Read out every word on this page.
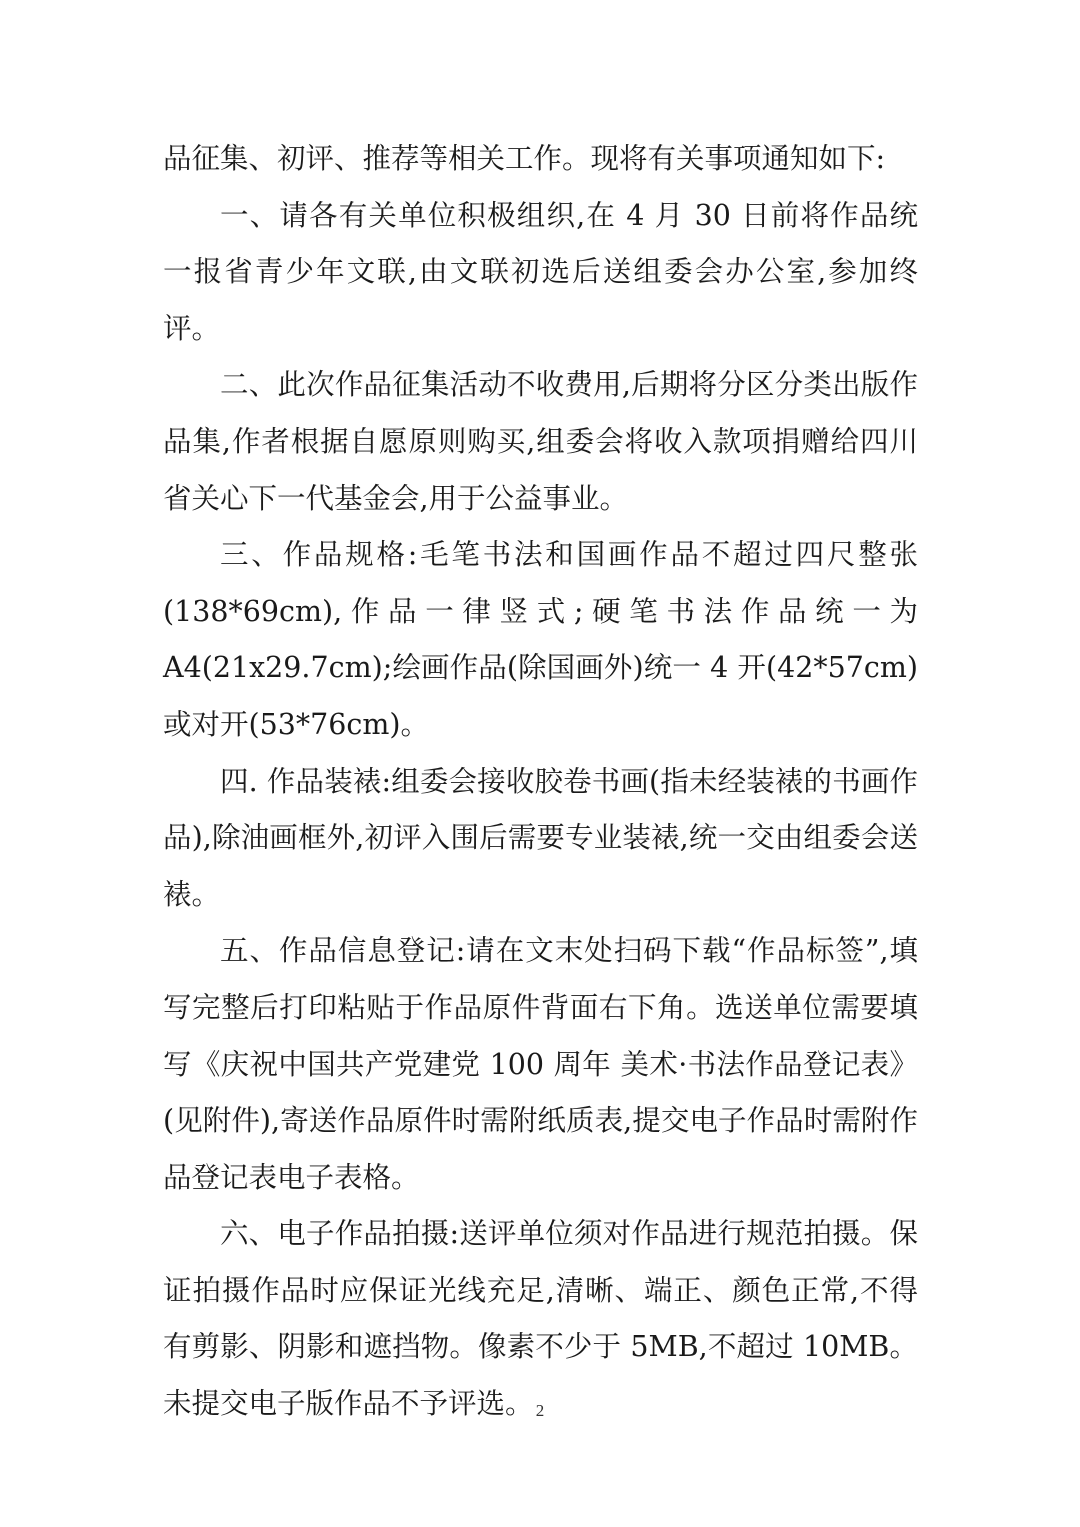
品征集、初评、推荐等相关工作。现将有关事项通知如下:

一、请各有关单位积极组织,在 4 月 30 日前将作品统一报省青少年文联,由文联初选后送组委会办公室,参加终评。

二、此次作品征集活动不收费用,后期将分区分类出版作品集,作者根据自愿原则购买,组委会将收入款项捐赠给四川省关心下一代基金会,用于公益事业。

三、作品规格:毛笔书法和国画作品不超过四尺整张(138*69cm),作品一律竖式;硬笔书法作品统一为 A4(21x29.7cm);绘画作品(除国画外)统一 4 开(42*57cm)或对开(53*76cm)。

四. 作品装裱:组委会接收胶卷书画(指未经装裱的书画作品),除油画框外,初评入围后需要专业装裱,统一交由组委会送裱。

五、作品信息登记:请在文末处扫码下载“作品标签”,填写完整后打印粘贴于作品原件背面右下角。选送单位需要填写《庆祝中国共产党建党 100 周年 美术·书法作品登记表》(见附件),寄送作品原件时需附纸质表,提交电子作品时需附作品登记表电子表格。

六、电子作品拍摄:送评单位须对作品进行规范拍摄。保证拍摄作品时应保证光线充足,清晰、端正、颜色正常,不得有剪影、阴影和遮挡物。像素不少于 5MB,不超过 10MB。未提交电子版作品不予评选。 2
